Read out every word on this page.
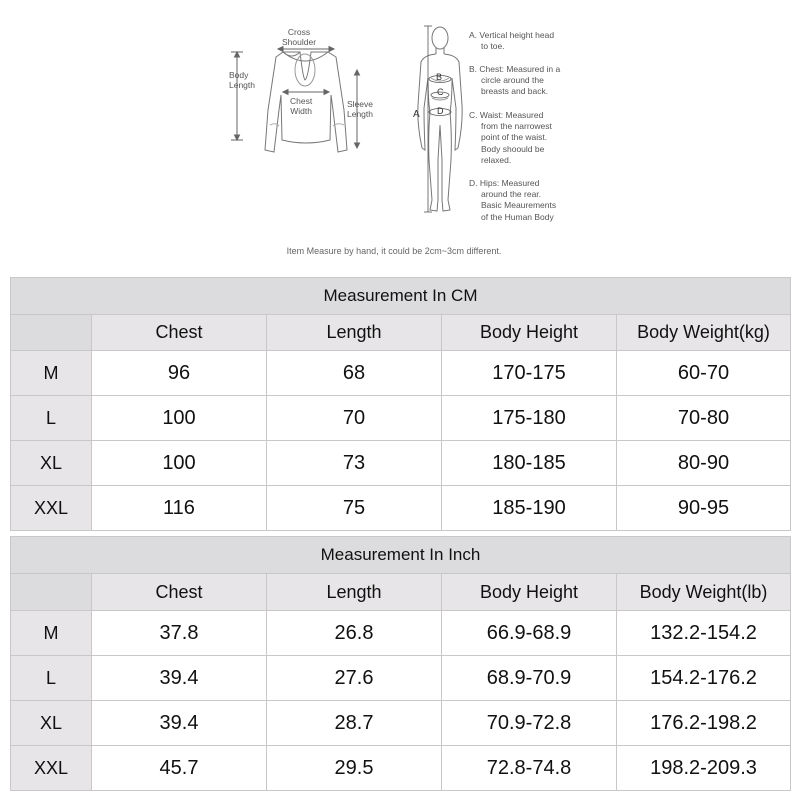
Cross
Shoulder
Body
Length
Chest
Width
Sleeve
Length	A
B
C
D
A. Vertical height head
to toe.
B. Chest: Measured in a
circle around the
breasts and back.
C. Waist: Measured
from the narrowest
point of the waist.
Body shoould be
relaxed.
D. Hips: Measured
around the rear.
Basic Meaurements
of the Human Body
Item Measure by hand, it could be 2cm~3cm different.
Measurement In CM				
	Chest	Length	Body Height	Body Weight(kg)
M	96	68	170-175	60-70
L	100	70	175-180	70-80
XL	100	73	180-185	80-90
XXL	116	75	185-190	90-95
Measurement In Inch				
	Chest	Length	Body Height	Body Weight(lb)
M	37.8	26.8	66.9-68.9	132.2-154.2
L	39.4	27.6	68.9-70.9	154.2-176.2
XL	39.4	28.7	70.9-72.8	176.2-198.2
XXL	45.7	29.5	72.8-74.8	198.2-209.3
